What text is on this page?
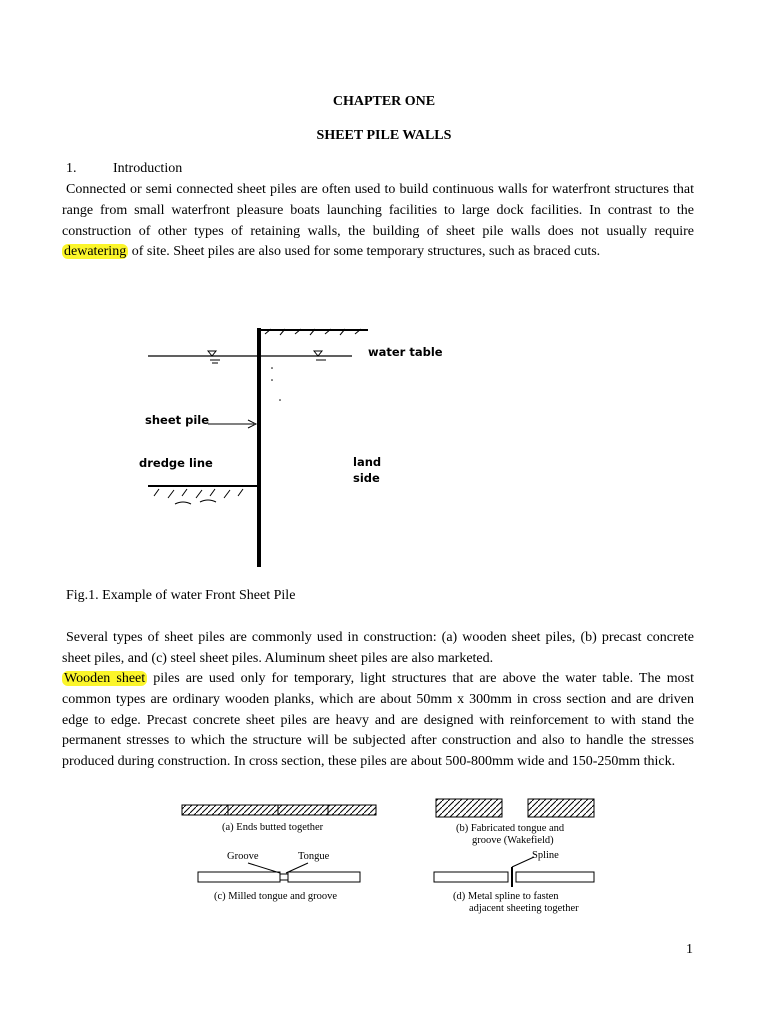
CHAPTER ONE
SHEET PILE WALLS
1.	Introduction
Connected or semi connected sheet piles are often used to build continuous walls for waterfront structures that range from small waterfront pleasure boats launching facilities to large dock facilities. In contrast to the construction of other types of retaining walls, the building of sheet pile walls does not usually require dewatering of site. Sheet piles are also used for some temporary structures, such as braced cuts.
water table
sheet pile
dredge line	land
side
Fig.1. Example of water Front Sheet Pile
Several types of sheet piles are commonly used in construction: (a) wooden sheet piles, (b) precast concrete sheet piles, and (c) steel sheet piles. Aluminum sheet piles are also marketed.
Wooden sheet piles are used only for temporary, light structures that are above the water table. The most common types are ordinary wooden planks, which are about 50mm x 300mm in cross section and are driven edge to edge. Precast concrete sheet piles are heavy and are designed with reinforcement to with stand the permanent stresses to which the structure will be subjected after construction and also to handle the stresses produced during construction. In cross section, these piles are about 500-800mm wide and 150-250mm thick.
(a) Ends butted together	(b) Fabricated tongue and
groove (Wakefield)
Groove	Tongue	Spline
(c) Milled tongue and groove	(d) Metal spline to fasten
adjacent sheeting together
1
